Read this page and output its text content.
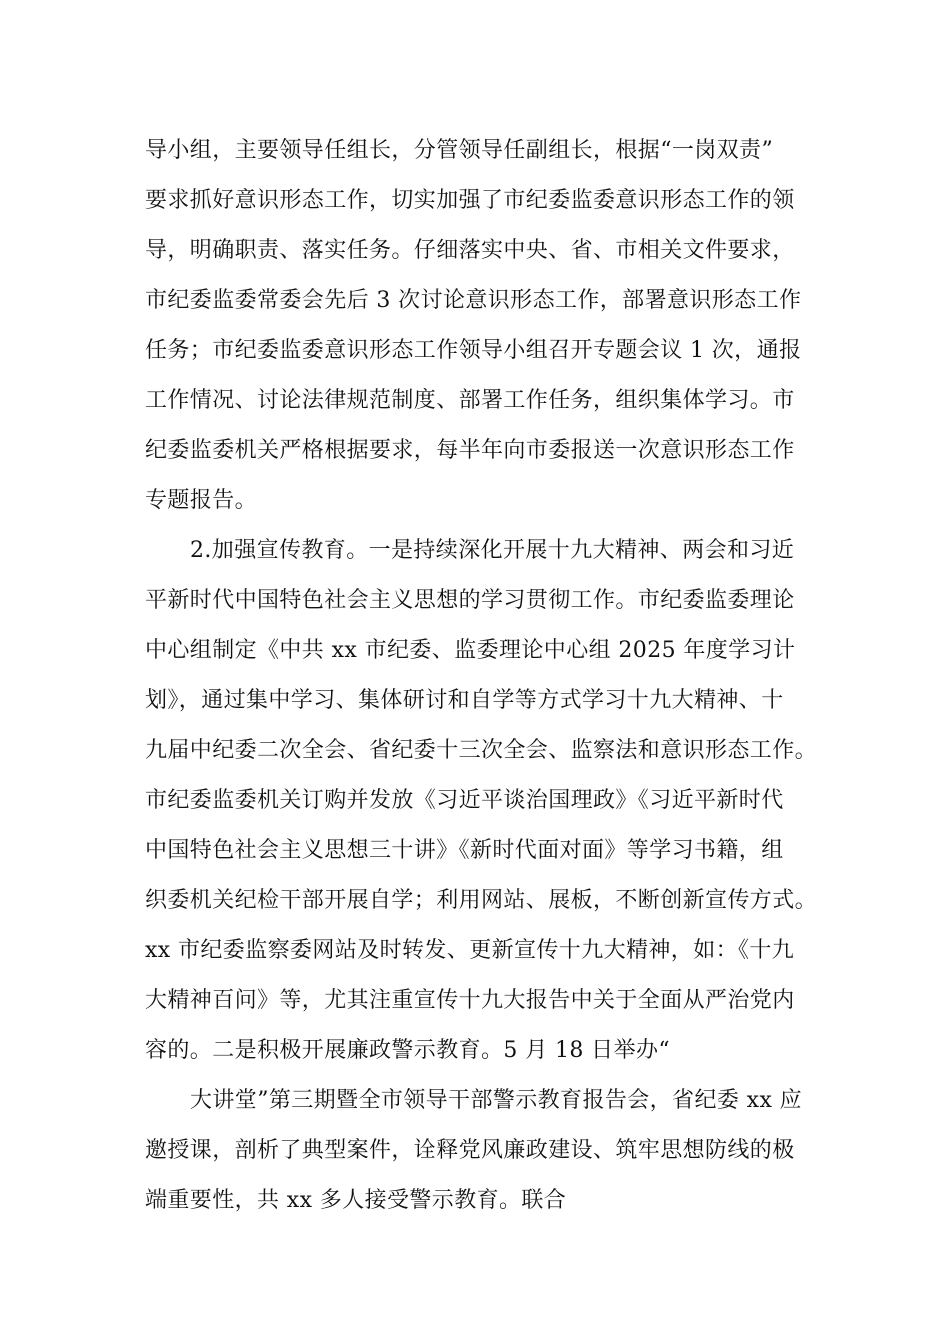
导小组，主要领导任组长，分管领导任副组长，根据“一岗双责”
要求抓好意识形态工作，切实加强了市纪委监委意识形态工作的领
导，明确职责、落实任务。仔细落实中央、省、市相关文件要求，
市纪委监委常委会先后 3 次讨论意识形态工作，部署意识形态工作
任务；市纪委监委意识形态工作领导小组召开专题会议 1 次，通报
工作情况、讨论法律规范制度、部署工作任务，组织集体学习。市
纪委监委机关严格根据要求，每半年向市委报送一次意识形态工作
专题报告。
2.加强宣传教育。一是持续深化开展十九大精神、两会和习近
平新时代中国特色社会主义思想的学习贯彻工作。市纪委监委理论
中心组制定《中共 xx 市纪委、监委理论中心组 2025 年度学习计
划》，通过集中学习、集体研讨和自学等方式学习十九大精神、十
九届中纪委二次全会、省纪委十三次全会、监察法和意识形态工作。
市纪委监委机关订购并发放《习近平谈治国理政》《习近平新时代
中国特色社会主义思想三十讲》《新时代面对面》等学习书籍，组
织委机关纪检干部开展自学；利用网站、展板，不断创新宣传方式。
xx 市纪委监察委网站及时转发、更新宣传十九大精神，如：《十九
大精神百问》等，尤其注重宣传十九大报告中关于全面从严治党内
容的。二是积极开展廉政警示教育。5 月 18 日举办“
大讲堂”第三期暨全市领导干部警示教育报告会，省纪委 xx 应
邀授课，剖析了典型案件，诠释党风廉政建设、筑牢思想防线的极
端重要性，共 xx 多人接受警示教育。联合
